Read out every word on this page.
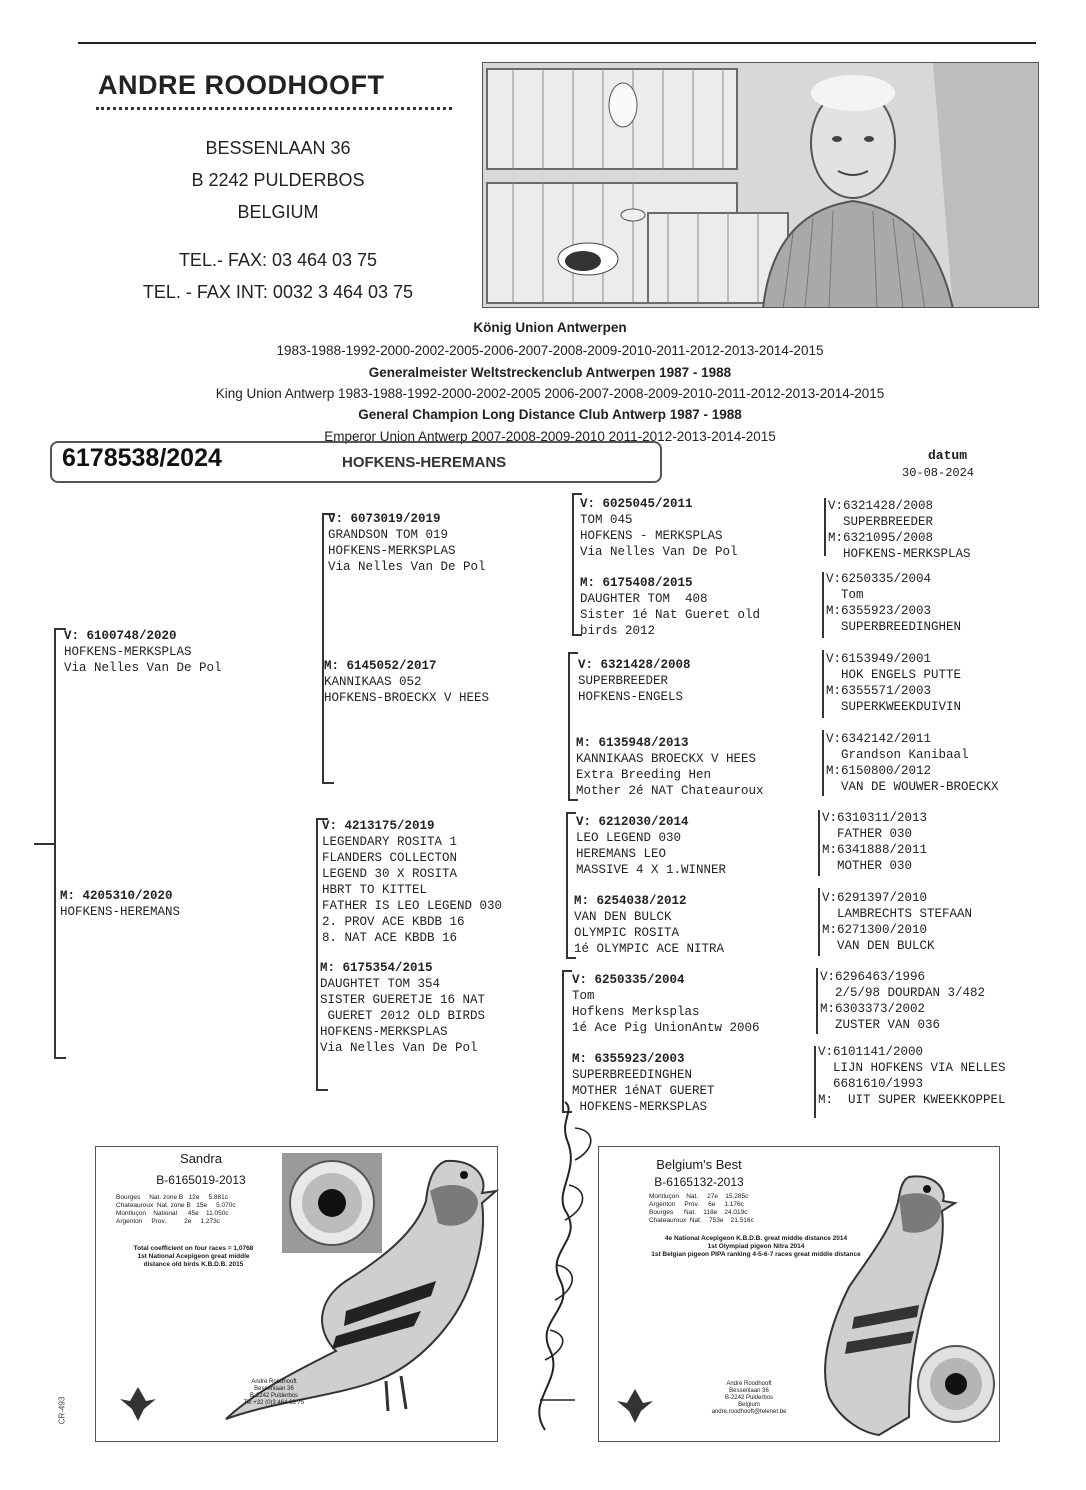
ANDRE ROODHOOFT
BESSENLAAN 36
B 2242 PULDERBOS
BELGIUM
TEL.- FAX: 03 464 03 75
TEL. - FAX INT: 0032 3 464 03 75
König Union Antwerpen
1983-1988-1992-2000-2002-2005-2006-2007-2008-2009-2010-2011-2012-2013-2014-2015
Generalmeister Weltstreckenclub Antwerpen 1987 - 1988
King Union Antwerp 1983-1988-1992-2000-2002-2005 2006-2007-2008-2009-2010-2011-2012-2013-2014-2015
General Champion Long Distance Club Antwerp 1987 - 1988
Emperor Union Antwerp 2007-2008-2009-2010 2011-2012-2013-2014-2015
6178538/2024	HOFKENS-HEREMANS	datum
30-08-2024
V: 6100748/2020
HOFKENS-MERKSPLAS
Via Nelles Van De Pol
M: 4205310/2020
HOFKENS-HEREMANS
V: 6073019/2019
GRANDSON TOM 019
HOFKENS-MERKSPLAS
Via Nelles Van De Pol
M: 6145052/2017
KANNIKAAS 052
HOFKENS-BROECKX V HEES
V: 4213175/2019
LEGENDARY ROSITA 1
FLANDERS COLLECTON
LEGEND 30 X ROSITA
HBRT TO KITTEL
FATHER IS LEO LEGEND 030
2. PROV ACE KBDB 16
8. NAT ACE KBDB 16
M: 6175354/2015
DAUGHTET TOM 354
SISTER GUERETJE 16 NAT
GUERET 2012 OLD BIRDS
HOFKENS-MERKSPLAS
Via Nelles Van De Pol
V: 6025045/2011
TOM 045
HOFKENS - MERKSPLAS
Via Nelles Van De Pol
M: 6175408/2015
DAUGHTER TOM  408
Sister 1é Nat Gueret old
birds 2012
V: 6321428/2008
SUPERBREEDER
HOFKENS-ENGELS
M: 6135948/2013
KANNIKAAS BROECKX V HEES
Extra Breeding Hen
Mother 2é NAT Chateauroux
V: 6212030/2014
LEO LEGEND 030
HEREMANS LEO
MASSIVE 4 X 1.WINNER
M: 6254038/2012
VAN DEN BULCK
OLYMPIC ROSITA
1é OLYMPIC ACE NITRA
V: 6250335/2004
Tom
Hofkens Merksplas
1é Ace Pig UnionAntw 2006
M: 6355923/2003
SUPERBREEDINGHEN
MOTHER 1éNAT GUERET
HOFKENS-MERKSPLAS
V:6321428/2008
SUPERBREEDER
M:6321095/2008
HOFKENS-MERKSPLAS
V:6250335/2004
Tom
M:6355923/2003
SUPERBREEDINGHEN
V:6153949/2001
HOK ENGELS PUTTE
M:6355571/2003
SUPERKWEEKDUIVIN
V:6342142/2011
Grandson Kanibaal
M:6150800/2012
VAN DE WOUWER-BROECKX
V:6310311/2013
FATHER 030
M:6341888/2011
MOTHER 030
V:6291397/2010
LAMBRECHTS STEFAAN
M:6271300/2010
VAN DEN BULCK
V:6296463/1996
2/5/98 DOURDAN 3/482
M:6303373/2002
ZUSTER VAN 036
V:6101141/2000
LIJN HOFKENS VIA NELLES
6681610/1993
M:  UIT SUPER KWEEKKOPPEL
Sandra
B-6165019-2013
Bourges     Nat. zone B   12e     5.881c
Chateauroux  Nat. zone B   15e     5.070c
Montluçon    National      45e    11.050c
Argenton     Prov.          2e     1.273c
Total coefficient on four races = 1,0768
1st National Acepigeon great middle
distance old birds K.B.D.B. 2015
André Roodhooft
Bessenlaan 36
B-2242 Pulderbos
Tel +32 (0)3 464 03 75
Belgium's Best
B-6165132-2013
Montluçon    Nat.     27e    15.285c
Argenton     Prov.     6e     1.176c
Bourges      Nat.    118e    24.019c
Chateauroux  Nat.    753e    21.516c
4e National Acepigeon K.B.D.B. great middle distance 2014
1st Olympiad pigeon Nitra 2014
1st Belgian pigeon PIPA ranking 4-5-6-7 races great middle distance
André Roodhooft
Bessenlaan 36
B-2242 Pulderbos
Belgium
andre.roodhooft@telenet.be
CR-493
